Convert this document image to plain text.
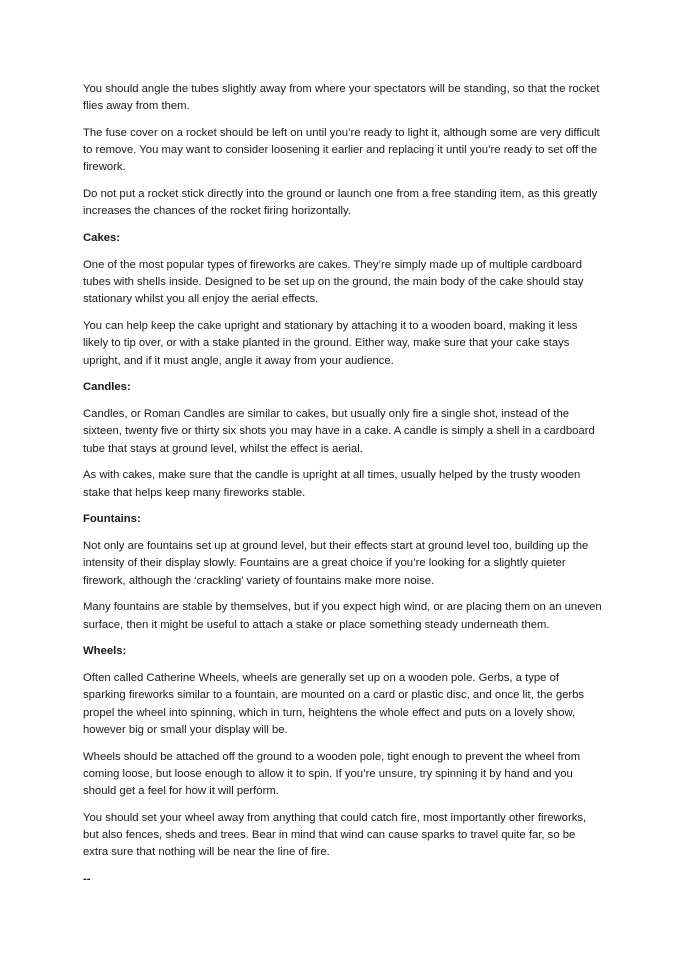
You should angle the tubes slightly away from where your spectators will be standing, so that the rocket flies away from them.

The fuse cover on a rocket should be left on until you’re ready to light it, although some are very difficult to remove. You may want to consider loosening it earlier and replacing it until you’re ready to set off the firework.

Do not put a rocket stick directly into the ground or launch one from a free standing item, as this greatly increases the chances of the rocket firing horizontally.

Cakes:

One of the most popular types of fireworks are cakes. They’re simply made up of multiple cardboard tubes with shells inside. Designed to be set up on the ground, the main body of the cake should stay stationary whilst you all enjoy the aerial effects.

You can help keep the cake upright and stationary by attaching it to a wooden board, making it less likely to tip over, or with a stake planted in the ground. Either way, make sure that your cake stays upright, and if it must angle, angle it away from your audience.

Candles:

Candles, or Roman Candles are similar to cakes, but usually only fire a single shot, instead of the sixteen, twenty five or thirty six shots you may have in a cake. A candle is simply a shell in a cardboard tube that stays at ground level, whilst the effect is aerial.

As with cakes, make sure that the candle is upright at all times, usually helped by the trusty wooden stake that helps keep many fireworks stable.

Fountains:

Not only are fountains set up at ground level, but their effects start at ground level too, building up the intensity of their display slowly. Fountains are a great choice if you’re looking for a slightly quieter firework, although the ‘crackling’ variety of fountains make more noise.

Many fountains are stable by themselves, but if you expect high wind, or are placing them on an uneven surface, then it might be useful to attach a stake or place something steady underneath them.

Wheels:

Often called Catherine Wheels, wheels are generally set up on a wooden pole. Gerbs, a type of sparking fireworks similar to a fountain, are mounted on a card or plastic disc, and once lit, the gerbs propel the wheel into spinning, which in turn, heightens the whole effect and puts on a lovely show, however big or small your display will be.

Wheels should be attached off the ground to a wooden pole, tight enough to prevent the wheel from coming loose, but loose enough to allow it to spin. If you’re unsure, try spinning it by hand and you should get a feel for how it will perform.

You should set your wheel away from anything that could catch fire, most importantly other fireworks, but also fences, sheds and trees. Bear in mind that wind can cause sparks to travel quite far, so be extra sure that nothing will be near the line of fire.

--
